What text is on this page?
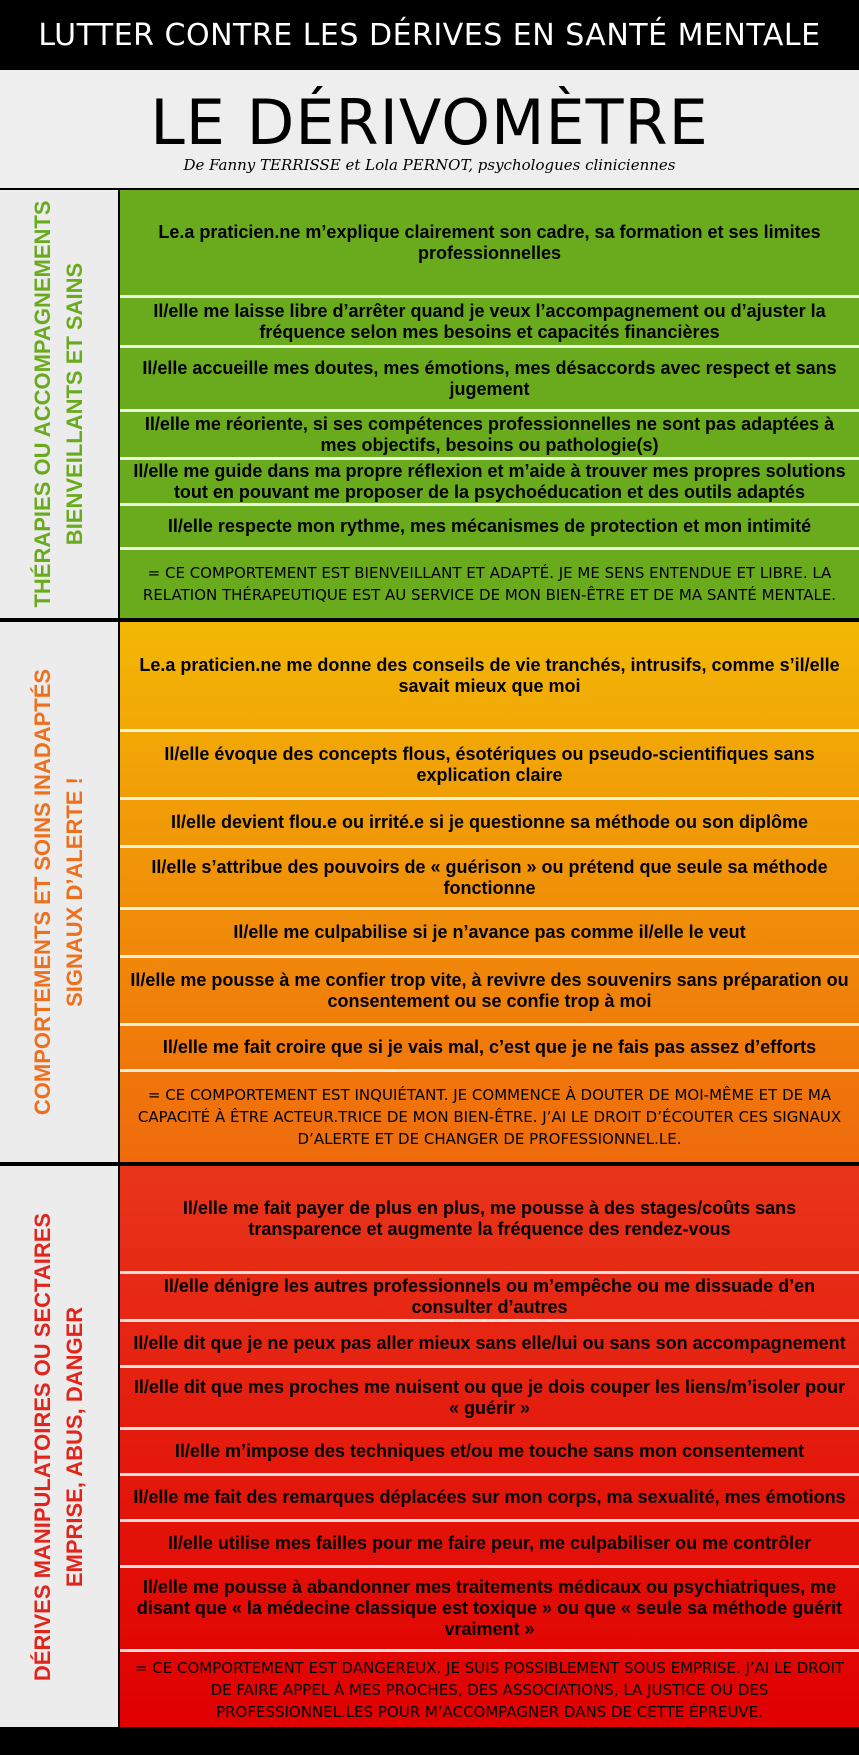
LUTTER CONTRE LES DÉRIVES EN SANTÉ MENTALE
LE DÉRIVOMÈTRE
De Fanny TERRISSE et Lola PERNOT, psychologues cliniciennes
THÉRAPIES OU ACCOMPAGNEMENTS BIENVEILLANTS ET SAINS
Le.a praticien.ne m’explique clairement son cadre, sa formation et ses limites professionnelles
Il/elle me laisse libre d’arrêter quand je veux l’accompagnement ou d’ajuster la fréquence selon mes besoins et capacités financières
Il/elle accueille mes doutes, mes émotions, mes désaccords avec respect et sans jugement
Il/elle me réoriente, si ses compétences professionnelles ne sont pas adaptées à mes objectifs, besoins ou pathologie(s)
Il/elle me guide dans ma propre réflexion et m’aide à trouver mes propres solutions tout en pouvant me proposer de la psychoéducation et des outils adaptés
Il/elle respecte mon rythme, mes mécanismes de protection et mon intimité
= CE COMPORTEMENT EST BIENVEILLANT ET ADAPTÉ. JE ME SENS ENTENDUE ET LIBRE. LA RELATION THÉRAPEUTIQUE EST AU SERVICE DE MON BIEN-ÊTRE ET DE MA SANTÉ MENTALE.
COMPORTEMENTS ET SOINS INADAPTÉS SIGNAUX D’ALERTE !
Le.a praticien.ne me donne des conseils de vie tranchés, intrusifs, comme s’il/elle savait mieux que moi
Il/elle évoque des concepts flous, ésotériques ou pseudo-scientifiques sans explication claire
Il/elle devient flou.e ou irrité.e si je questionne sa méthode ou son diplôme
Il/elle s’attribue des pouvoirs de « guérison » ou prétend que seule sa méthode fonctionne
Il/elle me culpabilise si je n’avance pas comme il/elle le veut
Il/elle me pousse à me confier trop vite, à revivre des souvenirs sans préparation ou consentement ou se confie trop à moi
Il/elle me fait croire que si je vais mal, c’est que je ne fais pas assez d’efforts
= CE COMPORTEMENT EST INQUIÉTANT. JE COMMENCE À DOUTER DE MOI-MÊME ET DE MA CAPACITÉ À ÊTRE ACTEUR.TRICE DE MON BIEN-ÊTRE. J’AI LE DROIT D’ÉCOUTER CES SIGNAUX D’ALERTE ET DE CHANGER DE PROFESSIONNEL.LE.
DÉRIVES MANIPULATOIRES OU SECTAIRES EMPRISE, ABUS, DANGER
Il/elle me fait payer de plus en plus, me pousse à des stages/coûts sans transparence et augmente la fréquence des rendez-vous
Il/elle dénigre les autres professionnels ou m’empêche ou me dissuade d’en consulter d’autres
Il/elle dit que je ne peux pas aller mieux sans elle/lui ou sans son accompagnement
Il/elle dit que mes proches me nuisent ou que je dois couper les liens/m’isoler pour « guérir »
Il/elle m’impose des techniques et/ou me touche sans mon consentement
Il/elle me fait des remarques déplacées sur mon corps, ma sexualité, mes émotions
Il/elle utilise mes failles pour me faire peur, me culpabiliser ou me contrôler
Il/elle me pousse à abandonner mes traitements médicaux ou psychiatriques, me disant que « la médecine classique est toxique » ou que « seule sa méthode guérit vraiment »
= CE COMPORTEMENT EST DANGEREUX. JE SUIS POSSIBLEMENT SOUS EMPRISE. J’AI LE DROIT DE FAIRE APPEL À MES PROCHES, DES ASSOCIATIONS, LA JUSTICE OU DES PROFESSIONNEL.LES POUR M’ACCOMPAGNER DANS DE CETTE ÉPREUVE.
